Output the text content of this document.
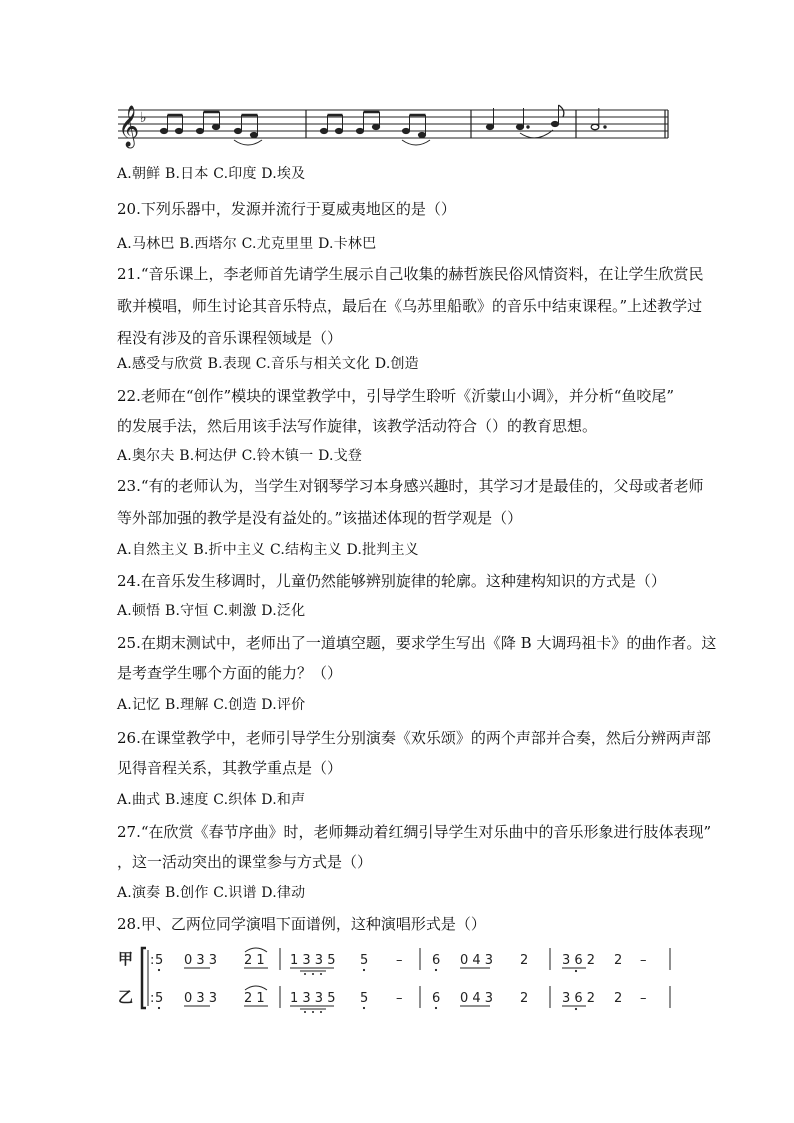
𝄞 ♭
A.朝鲜 B.日本 C.印度 D.埃及
20.下列乐器中，发源并流行于夏威夷地区的是（）
A.马林巴 B.西塔尔 C.尤克里里 D.卡林巴
21.“音乐课上，李老师首先请学生展示自己收集的赫哲族民俗风情资料，在让学生欣赏民
歌并模唱，师生讨论其音乐特点，最后在《乌苏里船歌》的音乐中结束课程。”上述教学过
程没有涉及的音乐课程领域是（）
A.感受与欣赏 B.表现 C.音乐与相关文化 D.创造
22.老师在“创作”模块的课堂教学中，引导学生聆听《沂蒙山小调》，并分析“鱼咬尾”
的发展手法，然后用该手法写作旋律，该教学活动符合（）的教育思想。
A.奥尔夫 B.柯达伊 C.铃木镇一 D.戈登
23.“有的老师认为，当学生对钢琴学习本身感兴趣时，其学习才是最佳的，父母或者老师
等外部加强的教学是没有益处的。”该描述体现的哲学观是（）
A.自然主义 B.折中主义 C.结构主义 D.批判主义
24.在音乐发生移调时，儿童仍然能够辨别旋律的轮廓。这种建构知识的方式是（）
A.顿悟 B.守恒 C.刺激 D.泛化
25.在期末测试中，老师出了一道填空题，要求学生写出《降 B 大调玛祖卡》的曲作者。这
是考查学生哪个方面的能力？（）
A.记忆 B.理解 C.创造 D.评价
26.在课堂教学中，老师引导学生分别演奏《欢乐颂》的两个声部并合奏，然后分辨两声部
见得音程关系，其教学重点是（）
A.曲式 B.速度 C.织体 D.和声
27.“在欣赏《春节序曲》时，老师舞动着红绸引导学生对乐曲中的音乐形象进行肢体表现”
，这一活动突出的课堂参与方式是（）
A.演奏 B.创作 C.识谱 D.律动
28.甲、乙两位同学演唱下面谱例，这种演唱形式是（）
甲
乙
: 5 0 3 3 2 1 1 3 3 5 5 – 6 0 4 3 2	3 6 2 2 –
: 5 0 3 3 2 1 1 3 3 5 5 – 6 0 4 3 2	3 6 2 2 –
